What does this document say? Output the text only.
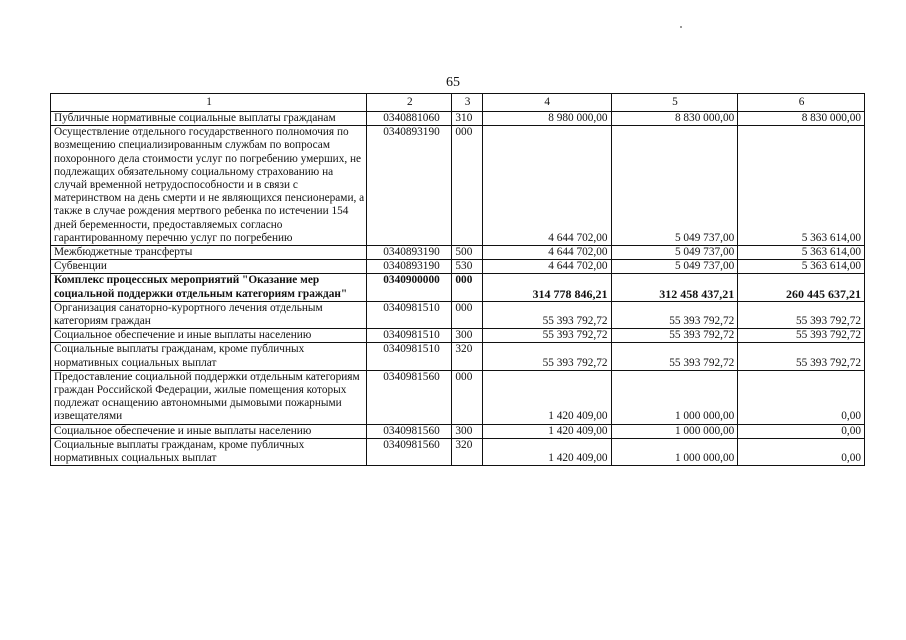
65
1	2	3	4	5	6
Публичные нормативные социальные выплаты гражданам	0340881060	310	8 980 000,00	8 830 000,00	8 830 000,00
Осуществление отдельного государственного полномочия по возмещению специализированным службам по вопросам похоронного дела стоимости услуг по погребению умерших, не подлежащих обязательному социальному страхованию на случай временной нетрудоспособности и в связи с материнством на день смерти и не являющихся пенсионерами, а также в случае рождения мертвого ребенка по истечении 154 дней беременности, предоставляемых согласно гарантированному перечню услуг по погребению	0340893190	000	4 644 702,00	5 049 737,00	5 363 614,00
Межбюджетные трансферты	0340893190	500	4 644 702,00	5 049 737,00	5 363 614,00
Субвенции	0340893190	530	4 644 702,00	5 049 737,00	5 363 614,00
Комплекс процессных мероприятий "Оказание мер социальной поддержки отдельным категориям граждан"	0340900000	000	314 778 846,21	312 458 437,21	260 445 637,21
Организация санаторно-курортного лечения отдельным категориям граждан	0340981510	000	55 393 792,72	55 393 792,72	55 393 792,72
Социальное обеспечение и иные выплаты населению	0340981510	300	55 393 792,72	55 393 792,72	55 393 792,72
Социальные выплаты гражданам, кроме публичных нормативных социальных выплат	0340981510	320	55 393 792,72	55 393 792,72	55 393 792,72
Предоставление социальной поддержки отдельным категориям граждан Российской Федерации, жилые помещения которых подлежат оснащению автономными дымовыми пожарными извещателями	0340981560	000	1 420 409,00	1 000 000,00	0,00
Социальное обеспечение и иные выплаты населению	0340981560	300	1 420 409,00	1 000 000,00	0,00
Социальные выплаты гражданам, кроме публичных нормативных социальных выплат	0340981560	320	1 420 409,00	1 000 000,00	0,00
